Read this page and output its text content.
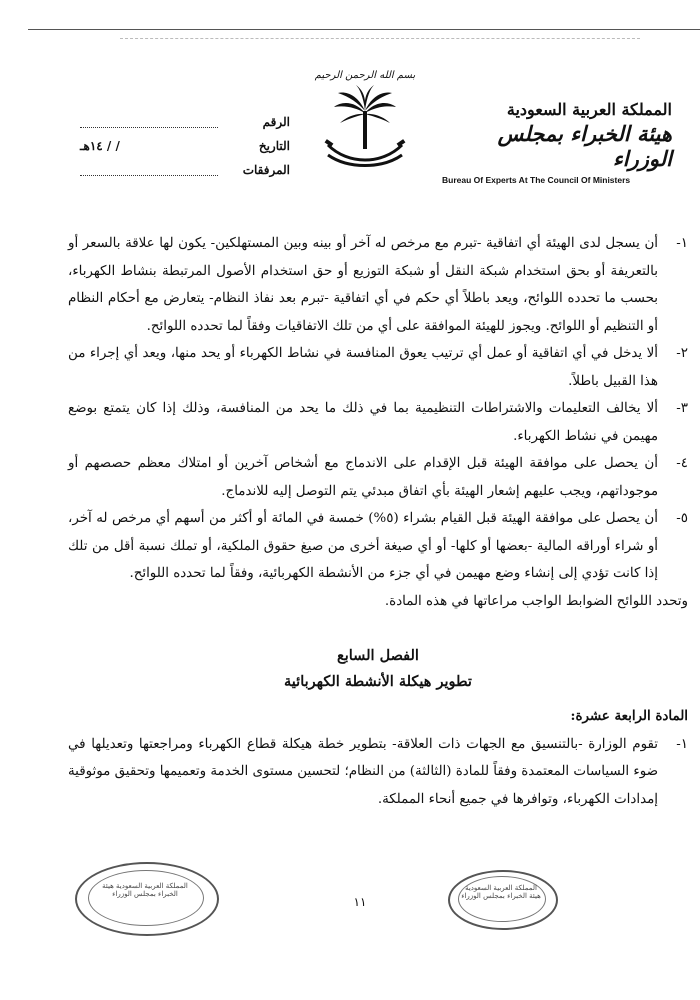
الرقم
التاريخ
/ / ١٤هـ
المرفقات
بسم الله الرحمن الرحيم
المملكة العربية السعودية
هيئة الخبراء بمجلس الوزراء
Bureau Of Experts At The Council Of Ministers
١-
أن يسجل لدى الهيئة أي اتفاقية -تبرم مع مرخص له آخر أو بينه وبين المستهلكين- يكون لها علاقة بالسعر أو بالتعريفة أو بحق استخدام شبكة النقل أو شبكة التوزيع أو حق استخدام الأصول المرتبطة بنشاط الكهرباء، بحسب ما تحدده اللوائح، ويعد باطلاً أي حكم في أي اتفاقية -تبرم بعد نفاذ النظام- يتعارض مع أحكام النظام أو التنظيم أو اللوائح. ويجوز للهيئة الموافقة على أي من تلك الاتفاقيات وفقاً لما تحدده اللوائح.
٢-
ألا يدخل في أي اتفاقية أو عمل أي ترتيب يعوق المنافسة في نشاط الكهرباء أو يحد منها، ويعد أي إجراء من هذا القبيل باطلاً.
٣-
ألا يخالف التعليمات والاشتراطات التنظيمية بما في ذلك ما يحد من المنافسة، وذلك إذا كان يتمتع بوضع مهيمن في نشاط الكهرباء.
٤-
أن يحصل على موافقة الهيئة قبل الإقدام على الاندماج مع أشخاص آخرين أو امتلاك معظم حصصهم أو موجوداتهم، ويجب عليهم إشعار الهيئة بأي اتفاق مبدئي يتم التوصل إليه للاندماج.
٥-
أن يحصل على موافقة الهيئة قبل القيام بشراء (٥%) خمسة في المائة أو أكثر من أسهم أي مرخص له آخر، أو شراء أوراقه المالية -بعضها أو كلها- أو أي صيغة أخرى من صيغ حقوق الملكية، أو تملك نسبة أقل من تلك إذا كانت تؤدي إلى إنشاء وضع مهيمن في أي جزء من الأنشطة الكهربائية، وفقاً لما تحدده اللوائح.
وتحدد اللوائح الضوابط الواجب مراعاتها في هذه المادة.
الفصل السابع
تطوير هيكلة الأنشطة الكهربائية
المادة الرابعة عشرة:
١-
تقوم الوزارة -بالتنسيق مع الجهات ذات العلاقة- بتطوير خطة هيكلة قطاع الكهرباء ومراجعتها وتعديلها في ضوء السياسات المعتمدة وفقاً للمادة (الثالثة) من النظام؛ لتحسين مستوى الخدمة وتعميمها وتحقيق موثوقية إمدادات الكهرباء، وتوافرها في جميع أنحاء المملكة.
المملكة العربية السعودية هيئة الخبراء بمجلس الوزراء
١١
المملكة العربية السعودية هيئة الخبراء بمجلس الوزراء
